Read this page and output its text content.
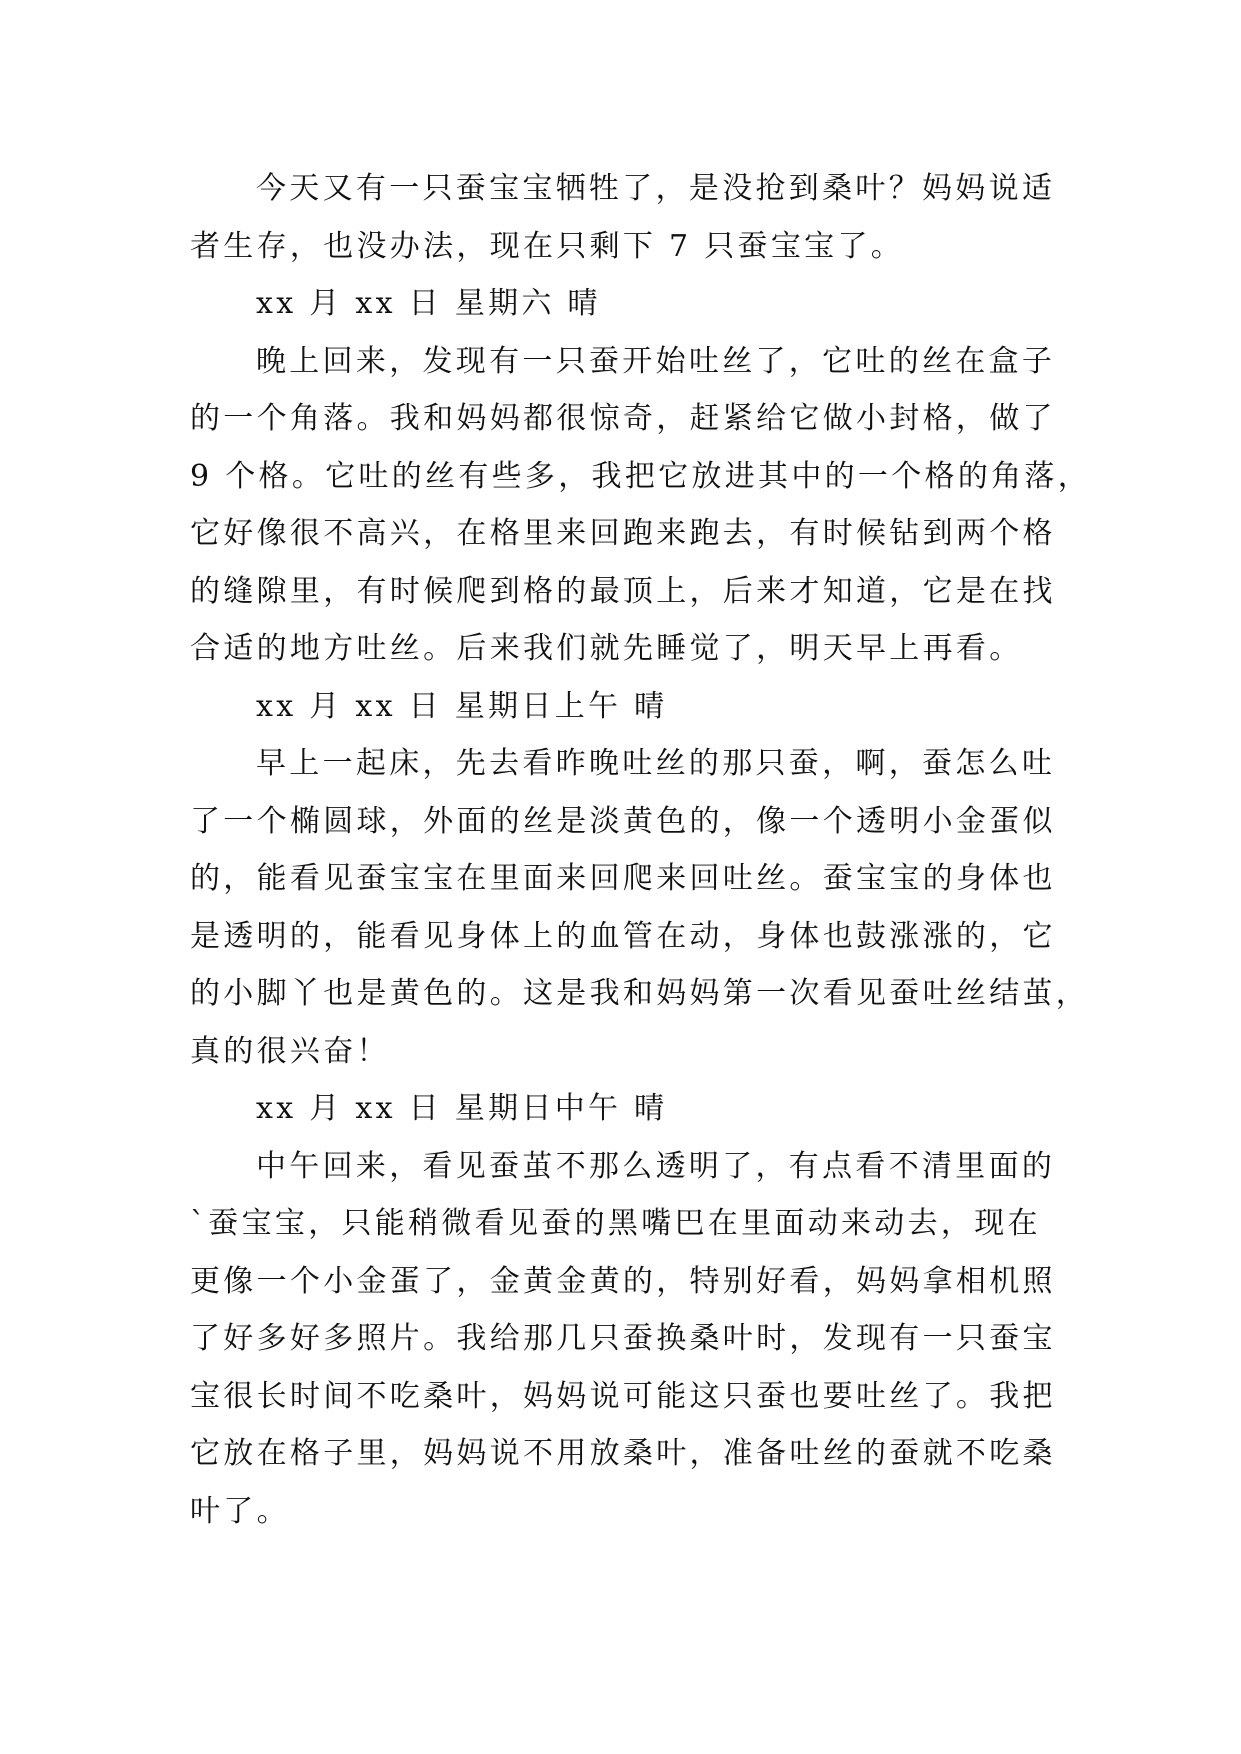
今天又有一只蚕宝宝牺牲了，是没抢到桑叶？妈妈说适
者生存，也没办法，现在只剩下 7 只蚕宝宝了。

xx 月 xx 日 星期六 晴

晚上回来，发现有一只蚕开始吐丝了，它吐的丝在盒子
的一个角落。我和妈妈都很惊奇，赶紧给它做小封格，做了
9 个格。它吐的丝有些多，我把它放进其中的一个格的角落，
它好像很不高兴，在格里来回跑来跑去，有时候钻到两个格
的缝隙里，有时候爬到格的最顶上，后来才知道，它是在找
合适的地方吐丝。后来我们就先睡觉了，明天早上再看。

xx 月 xx 日 星期日上午 晴

早上一起床，先去看昨晚吐丝的那只蚕，啊，蚕怎么吐
了一个椭圆球，外面的丝是淡黄色的，像一个透明小金蛋似
的，能看见蚕宝宝在里面来回爬来回吐丝。蚕宝宝的身体也
是透明的，能看见身体上的血管在动，身体也鼓涨涨的，它
的小脚丫也是黄色的。这是我和妈妈第一次看见蚕吐丝结茧，
真的很兴奋！

xx 月 xx 日 星期日中午 晴

中午回来，看见蚕茧不那么透明了，有点看不清里面的
`蚕宝宝，只能稍微看见蚕的黑嘴巴在里面动来动去，现在
更像一个小金蛋了，金黄金黄的，特别好看，妈妈拿相机照
了好多好多照片。我给那几只蚕换桑叶时，发现有一只蚕宝
宝很长时间不吃桑叶，妈妈说可能这只蚕也要吐丝了。我把
它放在格子里，妈妈说不用放桑叶，准备吐丝的蚕就不吃桑
叶了。
